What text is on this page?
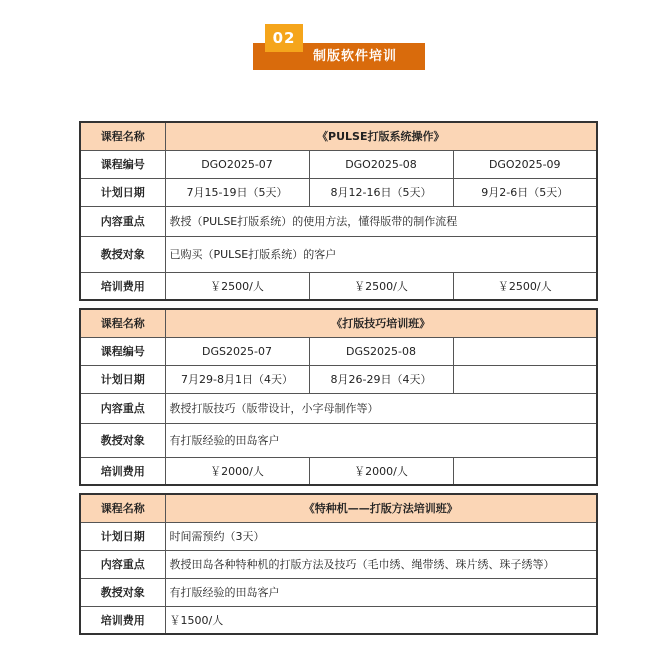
02
制版软件培训
课程名称	《PULSE打版系统操作》		
课程编号	DGO2025-07	DGO2025-08	DGO2025-09
计划日期	7月15-19日（5天）	8月12-16日（5天）	9月2-6日（5天）
内容重点	教授（PULSE打版系统）的使用方法，懂得版带的制作流程		
教授对象	已购买（PULSE打版系统）的客户		
培训费用	￥2500/人	￥2500/人	￥2500/人
课程名称	《打版技巧培训班》		
课程编号	DGS2025-07	DGS2025-08	
计划日期	7月29-8月1日（4天）	8月26-29日（4天）	
内容重点	教授打版技巧（版带设计，小字母制作等）		
教授对象	有打版经验的田岛客户		
培训费用	￥2000/人	￥2000/人	
课程名称	《特种机——打版方法培训班》
计划日期	时间需预约（3天）
内容重点	教授田岛各种特种机的打版方法及技巧（毛巾绣、绳带绣、珠片绣、珠子绣等）
教授对象	有打版经验的田岛客户
培训费用	￥1500/人
